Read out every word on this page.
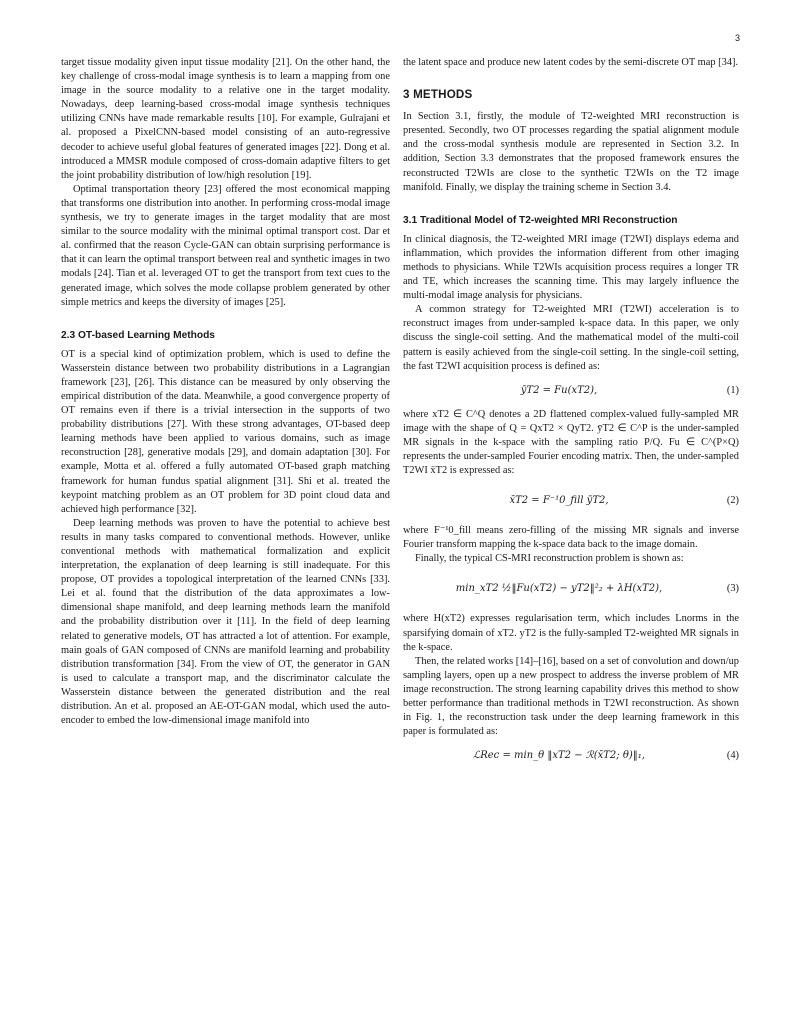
3

target tissue modality given input tissue modality [21]. On the other hand, the key challenge of cross-modal image synthesis is to learn a mapping from one image in the source modality to a relative one in the target modality. Nowadays, deep learning-based cross-modal image synthesis techniques utilizing CNNs have made remarkable results [10]. For example, Gulrajani et al. proposed a PixelCNN-based model consisting of an auto-regressive decoder to achieve useful global features of generated images [22]. Dong et al. introduced a MMSR module composed of cross-domain adaptive filters to get the joint probability distribution of low/high resolution [19].

Optimal transportation theory [23] offered the most economical mapping that transforms one distribution into another. In performing cross-modal image synthesis, we try to generate images in the target modality that are most similar to the source modality with the minimal optimal transport cost. Dar et al. confirmed that the reason Cycle-GAN can obtain surprising performance is that it can learn the optimal transport between real and synthetic images in two modals [24]. Tian et al. leveraged OT to get the transport from text cues to the generated image, which solves the mode collapse problem generated by other simple metrics and keeps the diversity of images [25].

2.3 OT-based Learning Methods

OT is a special kind of optimization problem, which is used to define the Wasserstein distance between two probability distributions in a Lagrangian framework [23], [26]. This distance can be measured by only observing the empirical distribution of the data. Meanwhile, a good convergence property of OT remains even if there is a trivial intersection in the supports of two probability distributions [27]. With these strong advantages, OT-based deep learning methods have been applied to various domains, such as image reconstruction [28], generative modals [29], and domain adaptation [30]. For example, Motta et al. offered a fully automated OT-based graph matching framework for human fundus spatial alignment [31]. Shi et al. treated the keypoint matching problem as an OT problem for 3D point cloud data and achieved high performance [32].

Deep learning methods was proven to have the potential to achieve best results in many tasks compared to conventional methods. However, unlike conventional methods with mathematical formalization and explicit interpretation, the explanation of deep learning is still inadequate. For this propose, OT provides a topological interpretation of the learned CNNs [33]. Lei et al. found that the distribution of the data approximates a low-dimensional shape manifold, and deep learning methods learn the manifold and the probability distribution over it [11]. In the field of deep learning related to generative models, OT has attracted a lot of attention. For example, main goals of GAN composed of CNNs are manifold learning and probability distribution transformation [34]. From the view of OT, the generator in GAN is used to calculate a transport map, and the discriminator calculate the Wasserstein distance between the generated distribution and the real distribution. An et al. proposed an AE-OT-GAN modal, which used the auto-encoder to embed the low-dimensional image manifold into

the latent space and produce new latent codes by the semi-discrete OT map [34].

3 METHODS

In Section 3.1, firstly, the module of T2-weighted MRI reconstruction is presented. Secondly, two OT processes regarding the spatial alignment module and the cross-modal synthesis module are represented in Section 3.2. In addition, Section 3.3 demonstrates that the proposed framework ensures the reconstructed T2WIs are close to the synthetic T2WIs on the T2 image manifold. Finally, we display the training scheme in Section 3.4.

3.1 Traditional Model of T2-weighted MRI Reconstruction

In clinical diagnosis, the T2-weighted MRI image (T2WI) displays edema and inflammation, which provides the information different from other imaging methods to physicians. While T2WIs acquisition process requires a longer TR and TE, which increases the scanning time. This may largely influence the multi-modal image analysis for physicians.

A common strategy for T2-weighted MRI (T2WI) acceleration is to reconstruct images from under-sampled k-space data. In this paper, we only discuss the single-coil setting. And the mathematical model of the multi-coil pattern is easily achieved from the single-coil setting. In the single-coil setting, the fast T2WI acquisition process is defined as:

ȳT2 = Fu(xT2),	(1)

where xT2 ∈ C^Q denotes a 2D flattened complex-valued fully-sampled MR image with the shape of Q = QxT2 × QyT2. ȳT2 ∈ C^P is the under-sampled MR signals in the k-space with the sampling ratio P/Q. Fu ∈ C^(P×Q) represents the under-sampled Fourier encoding matrix. Then, the under-sampled T2WI x̄T2 is expressed as:

x̄T2 = F⁻¹0_fill ȳT2,	(2)

where F⁻¹0_fill means zero-filling of the missing MR signals and inverse Fourier transform mapping the k-space data back to the image domain.

Finally, the typical CS-MRI reconstruction problem is shown as:

min_xT2 ½‖Fu(xT2) − yT2‖²₂ + λH(xT2),	(3)

where H(xT2) expresses regularisation term, which includes Lnorms in the sparsifying domain of xT2. yT2 is the fully-sampled T2-weighted MR signals in the k-space.

Then, the related works [14]–[16], based on a set of convolution and down/up sampling layers, open up a new prospect to address the inverse problem of MR image reconstruction. The strong learning capability drives this method to show better performance than traditional methods in T2WI reconstruction. As shown in Fig. 1, the reconstruction task under the deep learning framework in this paper is formulated as:

ℒRec = min_θ ‖xT2 − ℛ(x̄T2; θ)‖₁,	(4)
